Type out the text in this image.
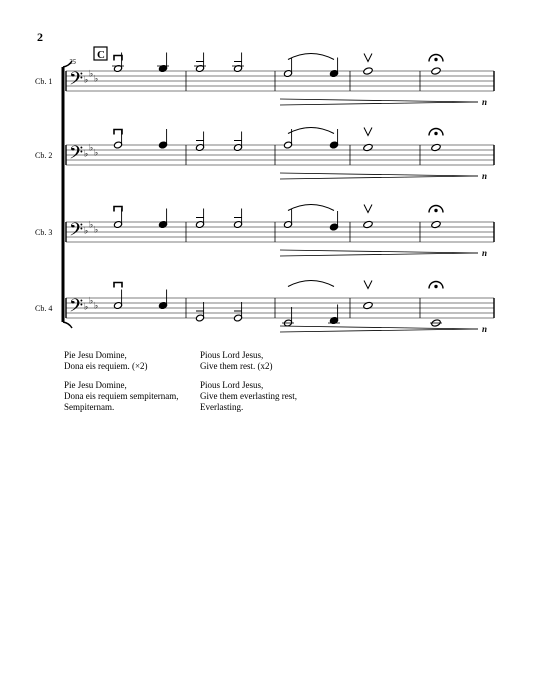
2
25
C
Cb. 1 𝄢 ♭
♭ ♭
n
Cb. 2 𝄢 ♭
♭ ♭
n
Cb. 3 𝄢 ♭
♭ ♭
n
Cb. 4 𝄢 ♭
♭ ♭
n

Pie Jesu Domine,
Dona eis requiem. (×2)

Pie Jesu Domine,
Dona eis requiem sempiternam,
Sempiternam.

Pious Lord Jesus,
Give them rest. (x2)

Pious Lord Jesus,
Give them everlasting rest,
Everlasting.
